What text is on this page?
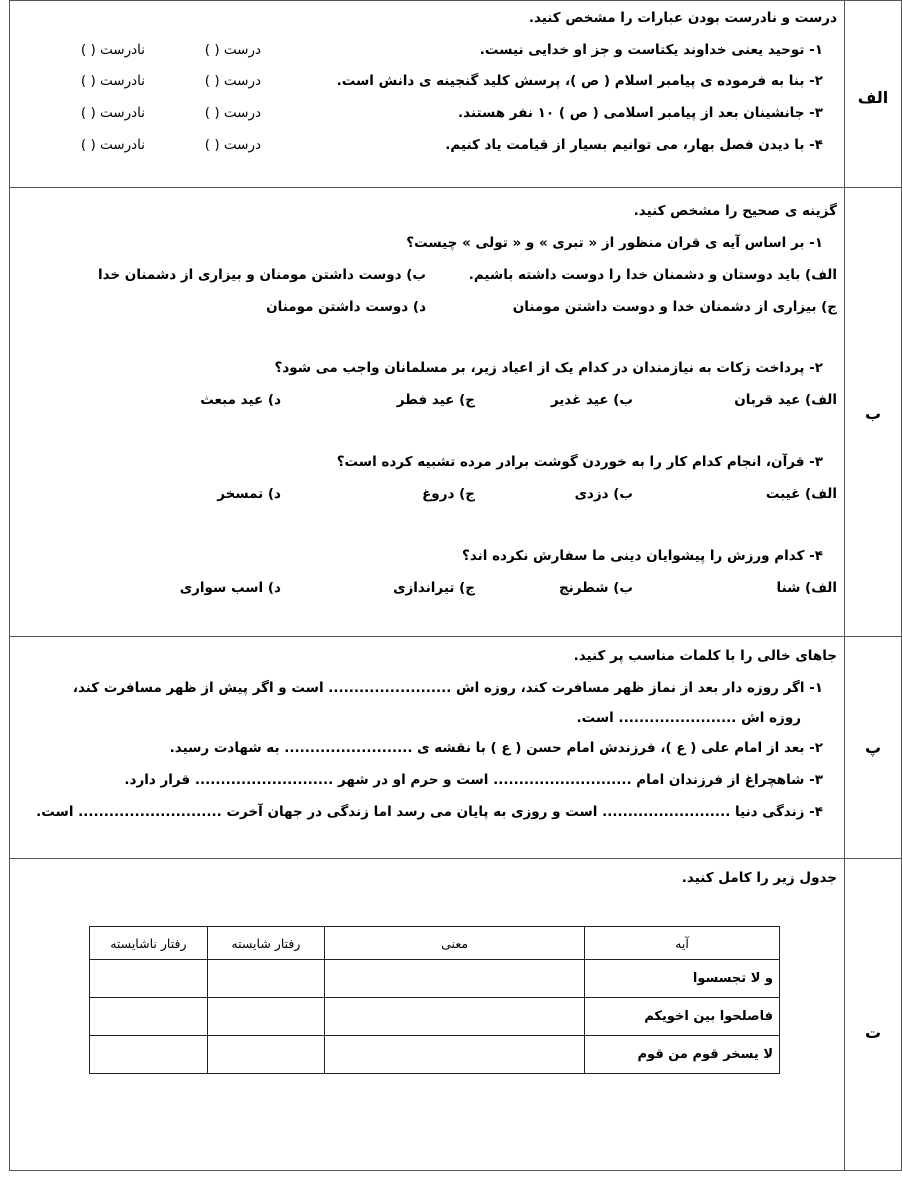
الف
ب
پ
ت
درست و نادرست بودن عبارات را مشخص کنید.
۱- توحید یعنی خداوند یکتاست و جز او خدایی نیست.
درست ( )
نادرست ( )
۲- بنا به فرموده ی پیامبر اسلام ( ص )، پرسش کلید گنجینه ی دانش است.
درست ( )
نادرست ( )
۳- جانشینان بعد از پیامبر اسلامی ( ص ) ۱۰ نفر هستند.
درست ( )
نادرست ( )
۴- با دیدن فصل بهار، می توانیم بسیار از قیامت یاد کنیم.
درست ( )
نادرست ( )
گزینه ی صحیح را مشخص کنید.
۱- بر اساس آیه ی قران منظور از « تبری » و « تولی » چیست؟
الف) باید دوستان و دشمنان خدا را دوست داشته باشیم.
ب) دوست داشتن مومنان و بیزاری از دشمنان خدا
ج) بیزاری از دشمنان خدا و دوست داشتن مومنان
د) دوست داشتن مومنان
۲- پرداخت زکات به نیازمندان در کدام یک از اعیاد زیر، بر مسلمانان واجب می شود؟
الف) عید قربان
ب) عید غدیر
ج) عید فطر
د) عید مبعث
۳- قرآن، انجام کدام کار را به خوردن گوشت برادر مرده تشبیه کرده است؟
الف) غیبت
ب) دزدی
ج) دروغ
د) تمسخر
۴- کدام ورزش را پیشوایان دینی ما سفارش نکرده اند؟
الف) شنا
ب) شطرنج
ج) تیراندازی
د) اسب سواری
جاهای خالی را با کلمات مناسب پر کنید.
۱- اگر روزه دار بعد از نماز ظهر مسافرت کند، روزه اش ........................ است و اگر پیش از ظهر مسافرت کند،
روزه اش ....................... است.
۲- بعد از امام علی ( ع )، فرزندش امام حسن ( ع ) با نقشه ی ......................... به شهادت رسید.
۳- شاهچراغ از فرزندان امام ........................... است و حرم او در شهر ........................... قرار دارد.
۴- زندگی دنیا ......................... است و روزی به پایان می رسد اما زندگی در جهان آخرت ............................ است.
جدول زیر را کامل کنید.
آیه	معنی	رفتار شایسته	رفتار ناشایسته
و لا تجسسوا			
فاصلحوا بین اخویکم			
لا یسخر قوم من قوم			
